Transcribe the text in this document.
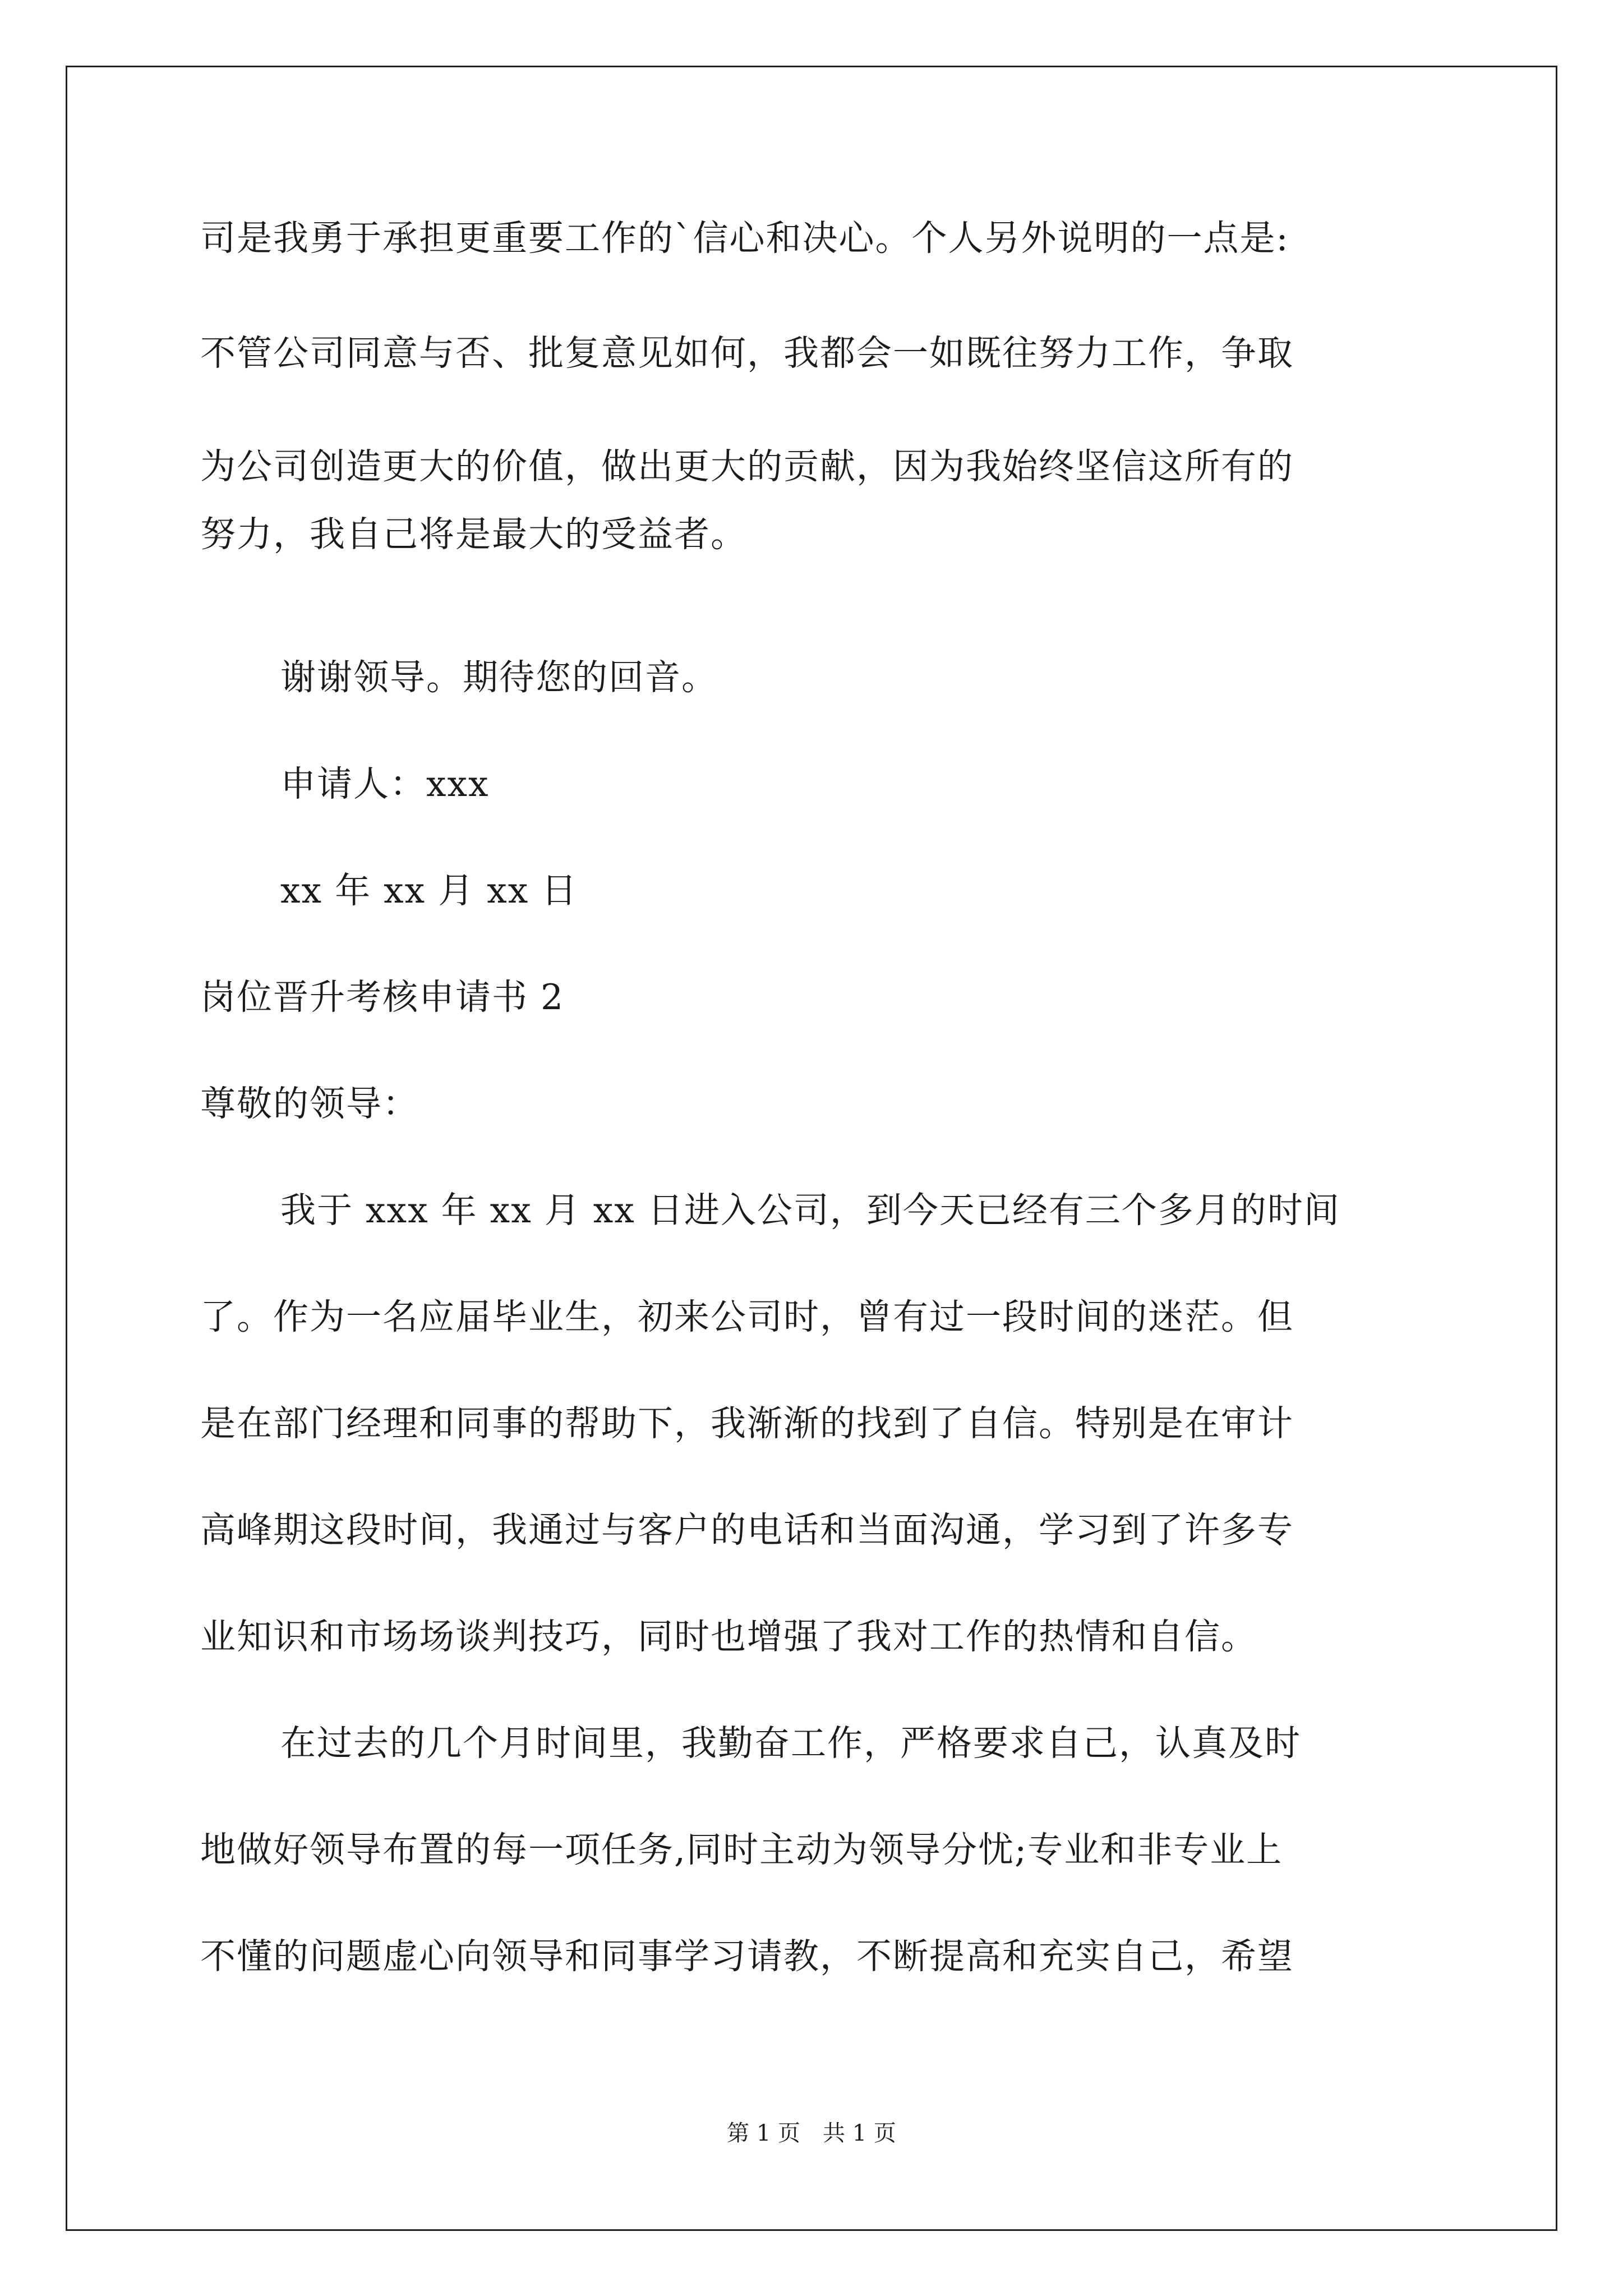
司是我勇于承担更重要工作的`信心和决心。个人另外说明的一点是:
不管公司同意与否、批复意见如何，我都会一如既往努力工作，争取
为公司创造更大的价值，做出更大的贡献，因为我始终坚信这所有的
努力，我自己将是最大的受益者。
谢谢领导。期待您的回音。
申请人：xxx
xx 年 xx 月 xx 日
岗位晋升考核申请书 2
尊敬的领导：
我于 xxx 年 xx 月 xx 日进入公司，到今天已经有三个多月的时间
了。作为一名应届毕业生，初来公司时，曾有过一段时间的迷茫。但
是在部门经理和同事的帮助下，我渐渐的找到了自信。特别是在审计
高峰期这段时间，我通过与客户的电话和当面沟通，学习到了许多专
业知识和市场场谈判技巧，同时也增强了我对工作的热情和自信。
在过去的几个月时间里，我勤奋工作，严格要求自己，认真及时
地做好领导布置的每一项任务,同时主动为领导分忧;专业和非专业上
不懂的问题虚心向领导和同事学习请教，不断提高和充实自己，希望
第 1 页 共 1 页
